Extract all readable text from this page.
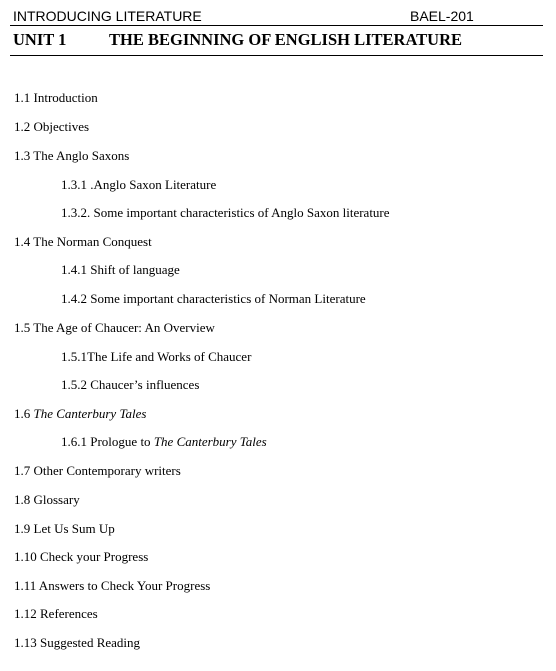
INTRODUCING LITERATURE	BAEL-201
UNIT 1	THE BEGINNING OF ENGLISH LITERATURE
1.1 Introduction
1.2 Objectives
1.3 The Anglo Saxons
1.3.1 .Anglo Saxon Literature
1.3.2. Some important characteristics of Anglo Saxon literature
1.4 The Norman Conquest
1.4.1 Shift of language
1.4.2 Some important characteristics of Norman Literature
1.5 The Age of Chaucer: An Overview
1.5.1The Life and Works of Chaucer
1.5.2 Chaucer’s influences
1.6 The Canterbury Tales
1.6.1 Prologue to The Canterbury Tales
1.7 Other Contemporary writers
1.8 Glossary
1.9 Let Us Sum Up
1.10 Check your Progress
1.11 Answers to Check Your Progress
1.12 References
1.13 Suggested Reading
